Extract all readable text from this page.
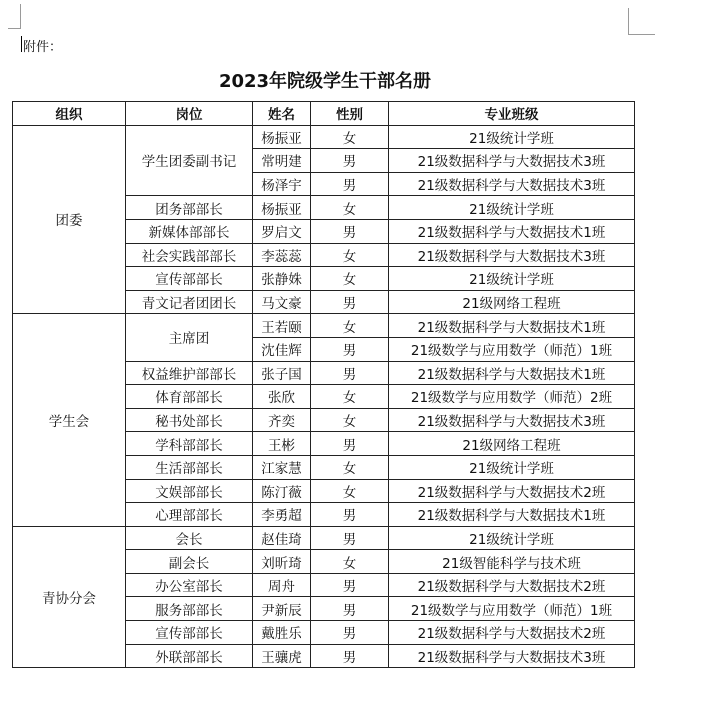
附件：
2023年院级学生干部名册
组织	岗位	姓名	性别	专业班级
团委	学生团委副书记	杨振亚	女	21级统计学班
		常明建	男	21级数据科学与大数据技术3班
		杨泽宇	男	21级数据科学与大数据技术3班
	团务部部长	杨振亚	女	21级统计学班
	新媒体部部长	罗启文	男	21级数据科学与大数据技术1班
	社会实践部部长	李蕊蕊	女	21级数据科学与大数据技术3班
	宣传部部长	张静姝	女	21级统计学班
	青文记者团团长	马文豪	男	21级网络工程班
学生会	主席团	王若颐	女	21级数据科学与大数据技术1班
		沈佳辉	男	21级数学与应用数学（师范）1班
	权益维护部部长	张子国	男	21级数据科学与大数据技术1班
	体育部部长	张欣	女	21级数学与应用数学（师范）2班
	秘书处部长	齐奕	女	21级数据科学与大数据技术3班
	学科部部长	王彬	男	21级网络工程班
	生活部部长	江家慧	女	21级统计学班
	文娱部部长	陈汀薇	女	21级数据科学与大数据技术2班
	心理部部长	李勇超	男	21级数据科学与大数据技术1班
青协分会	会长	赵佳琦	男	21级统计学班
	副会长	刘昕琦	女	21级智能科学与技术班
	办公室部长	周舟	男	21级数据科学与大数据技术2班
	服务部部长	尹新辰	男	21级数学与应用数学（师范）1班
	宣传部部长	戴胜乐	男	21级数据科学与大数据技术2班
	外联部部长	王骧虎	男	21级数据科学与大数据技术3班
